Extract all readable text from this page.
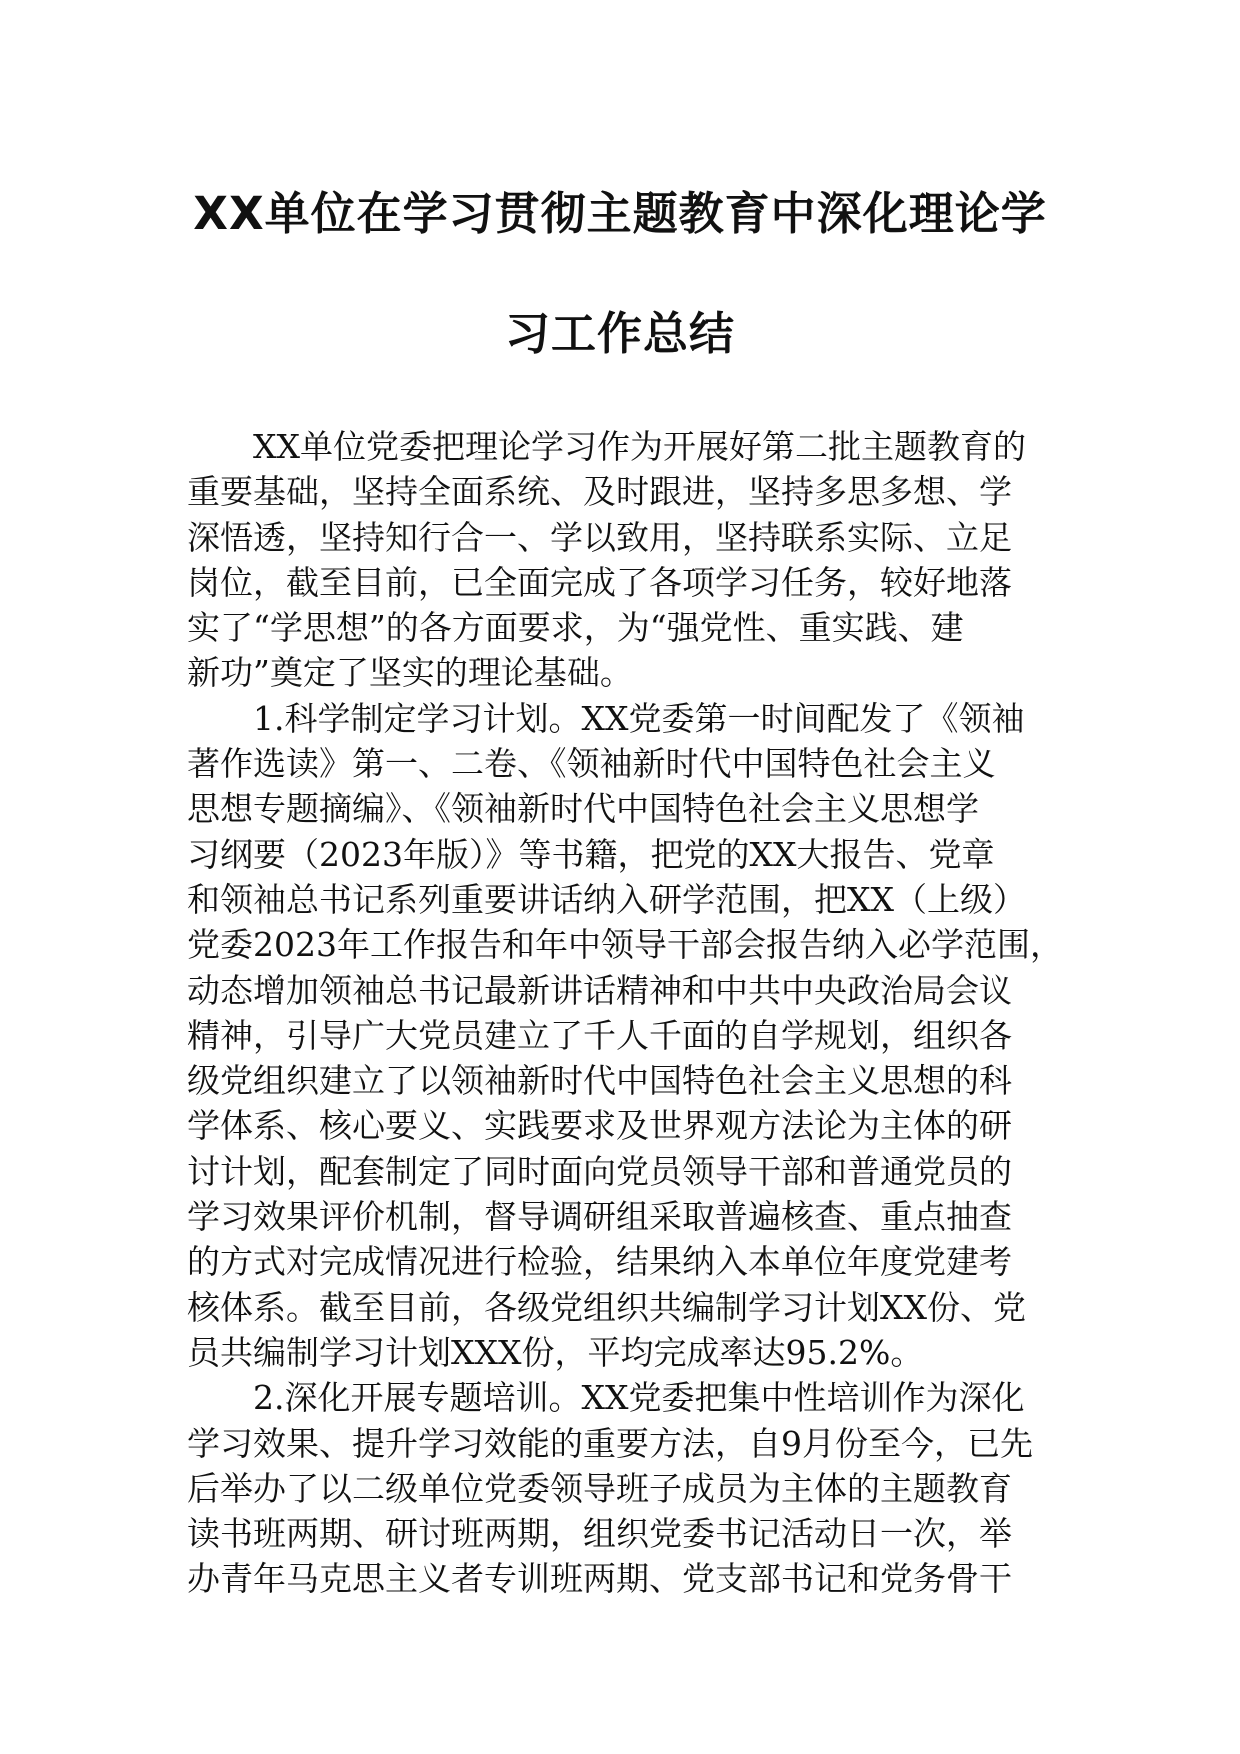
XX单位在学习贯彻主题教育中深化理论学
习工作总结
XX单位党委把理论学习作为开展好第二批主题教育的
重要基础，坚持全面系统、及时跟进，坚持多思多想、学
深悟透，坚持知行合一、学以致用，坚持联系实际、立足
岗位，截至目前，已全面完成了各项学习任务，较好地落
实了“学思想”的各方面要求，为“强党性、重实践、建
新功”奠定了坚实的理论基础。
1.科学制定学习计划。XX党委第一时间配发了《领袖
著作选读》第一、二卷、《领袖新时代中国特色社会主义
思想专题摘编》、《领袖新时代中国特色社会主义思想学
习纲要（2023年版）》等书籍，把党的XX大报告、党章
和领袖总书记系列重要讲话纳入研学范围，把XX（上级）
党委2023年工作报告和年中领导干部会报告纳入必学范围，
动态增加领袖总书记最新讲话精神和中共中央政治局会议
精神，引导广大党员建立了千人千面的自学规划，组织各
级党组织建立了以领袖新时代中国特色社会主义思想的科
学体系、核心要义、实践要求及世界观方法论为主体的研
讨计划，配套制定了同时面向党员领导干部和普通党员的
学习效果评价机制，督导调研组采取普遍核查、重点抽查
的方式对完成情况进行检验，结果纳入本单位年度党建考
核体系。截至目前，各级党组织共编制学习计划XX份、党
员共编制学习计划XXX份，平均完成率达95.2%。
2.深化开展专题培训。XX党委把集中性培训作为深化
学习效果、提升学习效能的重要方法，自9月份至今，已先
后举办了以二级单位党委领导班子成员为主体的主题教育
读书班两期、研讨班两期，组织党委书记活动日一次，举
办青年马克思主义者专训班两期、党支部书记和党务骨干
